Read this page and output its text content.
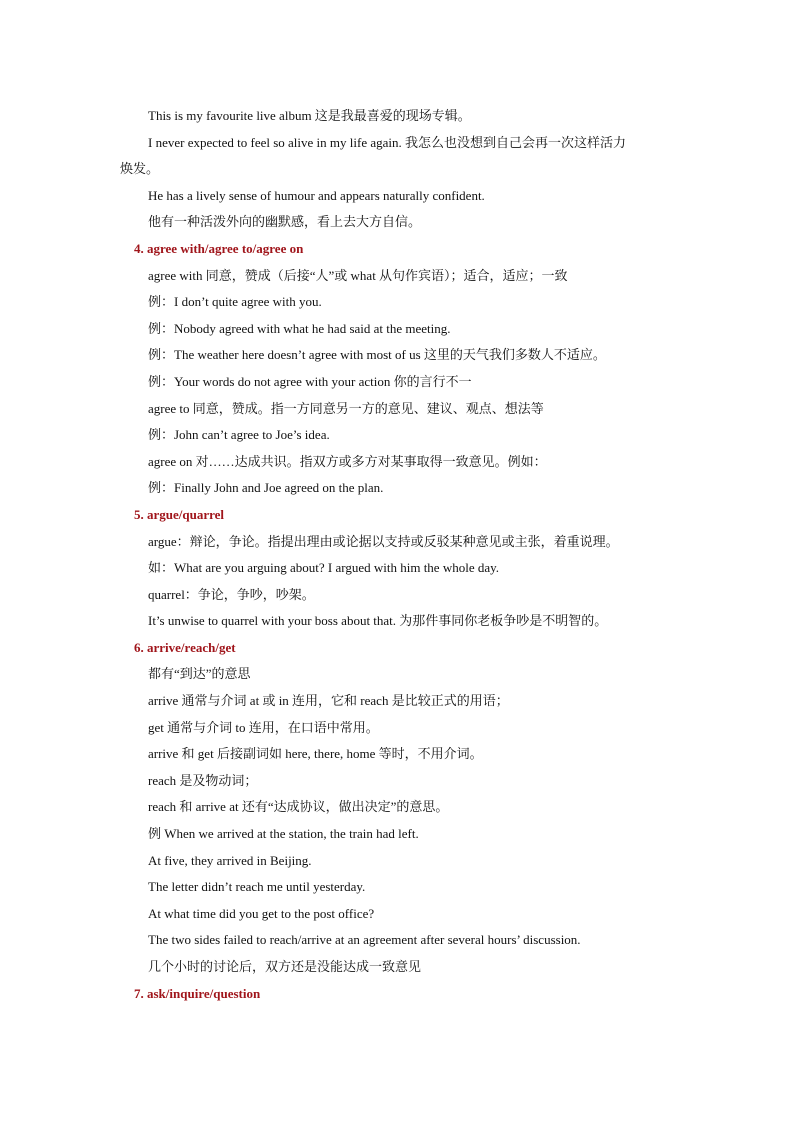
This is my favourite live album 这是我最喜爱的现场专辑。
I never expected to feel so alive in my life again. 我怎么也没想到自己会再一次这样活力
焕发。
He has a lively sense of humour and appears naturally confident.
他有一种活泼外向的幽默感，看上去大方自信。
4. agree with/agree to/agree on
agree with 同意，赞成（后接“人”或 what 从句作宾语）；适合，适应；一致
例：I don’t quite agree with you.
例：Nobody agreed with what he had said at the meeting.
例：The weather here doesn’t agree with most of us 这里的天气我们多数人不适应。
例：Your words do not agree with your action 你的言行不一
agree to 同意，赞成。指一方同意另一方的意见、建议、观点、想法等
例：John can’t agree to Joe’s idea.
agree on 对……达成共识。指双方或多方对某事取得一致意见。例如：
例：Finally John and Joe agreed on the plan.
5. argue/quarrel
argue：辩论，争论。指提出理由或论据以支持或反驳某种意见或主张，着重说理。
如：What are you arguing about? I argued with him the whole day.
quarrel：争论，争吵，吵架。
It’s unwise to quarrel with your boss about that. 为那件事同你老板争吵是不明智的。
6. arrive/reach/get
都有“到达”的意思
arrive 通常与介词 at 或 in 连用，它和 reach 是比较正式的用语；
get 通常与介词 to 连用，在口语中常用。
arrive 和 get 后接副词如 here, there, home 等时，不用介词。
reach 是及物动词；
reach 和 arrive at 还有“达成协议，做出决定”的意思。
例 When we arrived at the station, the train had left.
At five, they arrived in Beijing.
The letter didn’t reach me until yesterday.
At what time did you get to the post office?
The two sides failed to reach/arrive at an agreement after several hours’ discussion.
几个小时的讨论后，双方还是没能达成一致意见
7. ask/inquire/question
